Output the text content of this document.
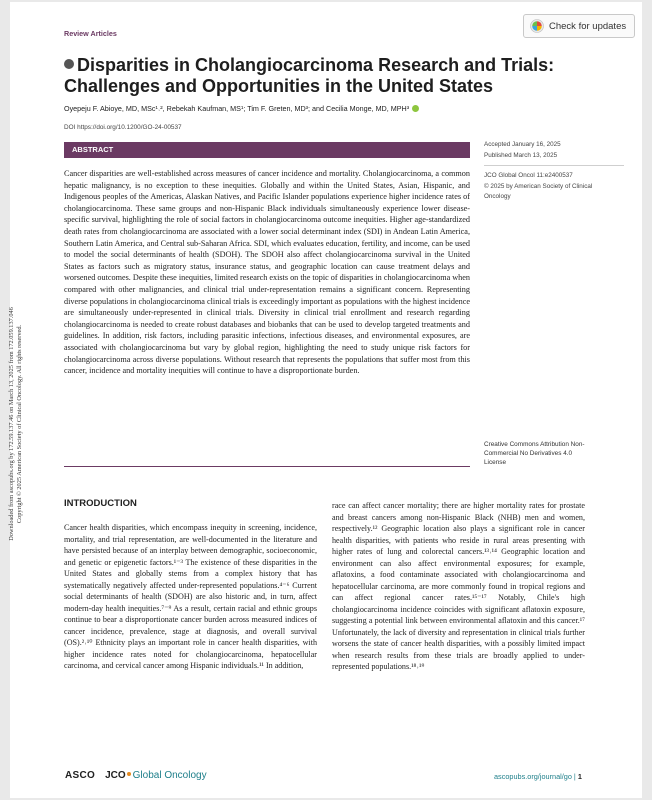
Review Articles
Check for updates
Disparities in Cholangiocarcinoma Research and Trials: Challenges and Opportunities in the United States
Oyepeju F. Abioye, MD, MSc¹˒², Rebekah Kaufman, MS¹; Tim F. Greten, MD³; and Cecilia Monge, MD, MPH³
DOI https://doi.org/10.1200/GO-24-00537
ABSTRACT
Cancer disparities are well-established across measures of cancer incidence and mortality. Cholangiocarcinoma, a common hepatic malignancy, is no exception to these inequities. Globally and within the United States, Asian, Hispanic, and Indigenous peoples of the Americas, Alaskan Natives, and Pacific Islander populations experience higher incidence rates of cholangiocarcinoma. These same groups and non-Hispanic Black individuals simultaneously experience lower disease-specific survival, highlighting the role of social factors in cholangiocarcinoma outcome inequities. Higher age-standardized death rates from cholangiocarcinoma are associated with a lower social determinant index (SDI) in Andean Latin America, Southern Latin America, and Central sub-Saharan Africa. SDI, which evaluates education, fertility, and income, can be used to model the social determinants of health (SDOH). The SDOH also affect cholangiocarcinoma survival in the United States as factors such as migratory status, insurance status, and geographic location can cause treatment delays and worsened outcomes. Despite these inequities, limited research exists on the topic of disparities in cholangiocarcinoma when compared with other malignancies, and clinical trial under-representation remains a significant concern. Representing diverse populations in cholangiocarcinoma clinical trials is exceedingly important as populations with the highest incidence are simultaneously under-represented in clinical trials. Diversity in clinical trial enrollment and research regarding cholangiocarcinoma is needed to create robust databases and biobanks that can be used to develop targeted treatments and guidelines. In addition, risk factors, including parasitic infections, infectious diseases, and environmental exposures, are associated with cholangiocarcinoma but vary by global region, highlighting the need to study unique risk factors for cholangiocarcinoma across diverse populations. Without research that represents the populations that suffer most from this cancer, incidence and mortality inequities will continue to have a disproportionate burden.
Accepted January 16, 2025
Published March 13, 2025
JCO Global Oncol 11:e2400537
© 2025 by American Society of Clinical Oncology
Creative Commons Attribution Non-Commercial No Derivatives 4.0 License
Downloaded from ascopubs.org by 172.59.137.46 on March 13, 2025 from 172.059.137.046 Copyright © 2025 American Society of Clinical Oncology. All rights reserved.	INTRODUCTION
Cancer health disparities, which encompass inequity in screening, incidence, mortality, and trial representation, are well-documented in the literature and have persisted because of an interplay between demographic, socioeconomic, and genetic or epigenetic factors.¹⁻³ The existence of these disparities in the United States and globally stems from a complex history that has systematically negatively affected under-represented populations.⁴⁻⁶ Current social determinants of health (SDOH) are also historic and, in turn, affect modern-day health inequities.⁷⁻⁹ As a result, certain racial and ethnic groups continue to bear a disproportionate cancer burden across measured indices of cancer incidence, prevalence, stage at diagnosis, and overall survival (OS).²˒¹⁰ Ethnicity plays an important role in cancer health disparities, with higher incidence rates noted for cholangiocarcinoma, hepatocellular carcinoma, and cervical cancer among Hispanic individuals.¹¹ In addition,
race can affect cancer mortality; there are higher mortality rates for prostate and breast cancers among non-Hispanic Black (NHB) men and women, respectively.¹² Geographic location also plays a significant role in cancer health disparities, with patients who reside in rural areas presenting with higher rates of lung and colorectal cancers.¹³˒¹⁴ Geographic location and environment can also affect environmental exposures; for example, aflatoxins, a food contaminate associated with cholangiocarcinoma and hepatocellular carcinoma, are more commonly found in tropical regions and can affect regional cancer rates.¹⁵⁻¹⁷ Notably, Chile's high cholangiocarcinoma incidence coincides with significant aflatoxin exposure, suggesting a potential link between environmental aflatoxin and this cancer.¹⁷ Unfortunately, the lack of diversity and representation in clinical trials further worsens the state of cancer health disparities, with a possibly limited impact when research results from these trials are broadly applied to under-represented populations.¹⁸˒¹⁹
ASCO JCO Global Oncology	ascopubs.org/journal/go | 1
